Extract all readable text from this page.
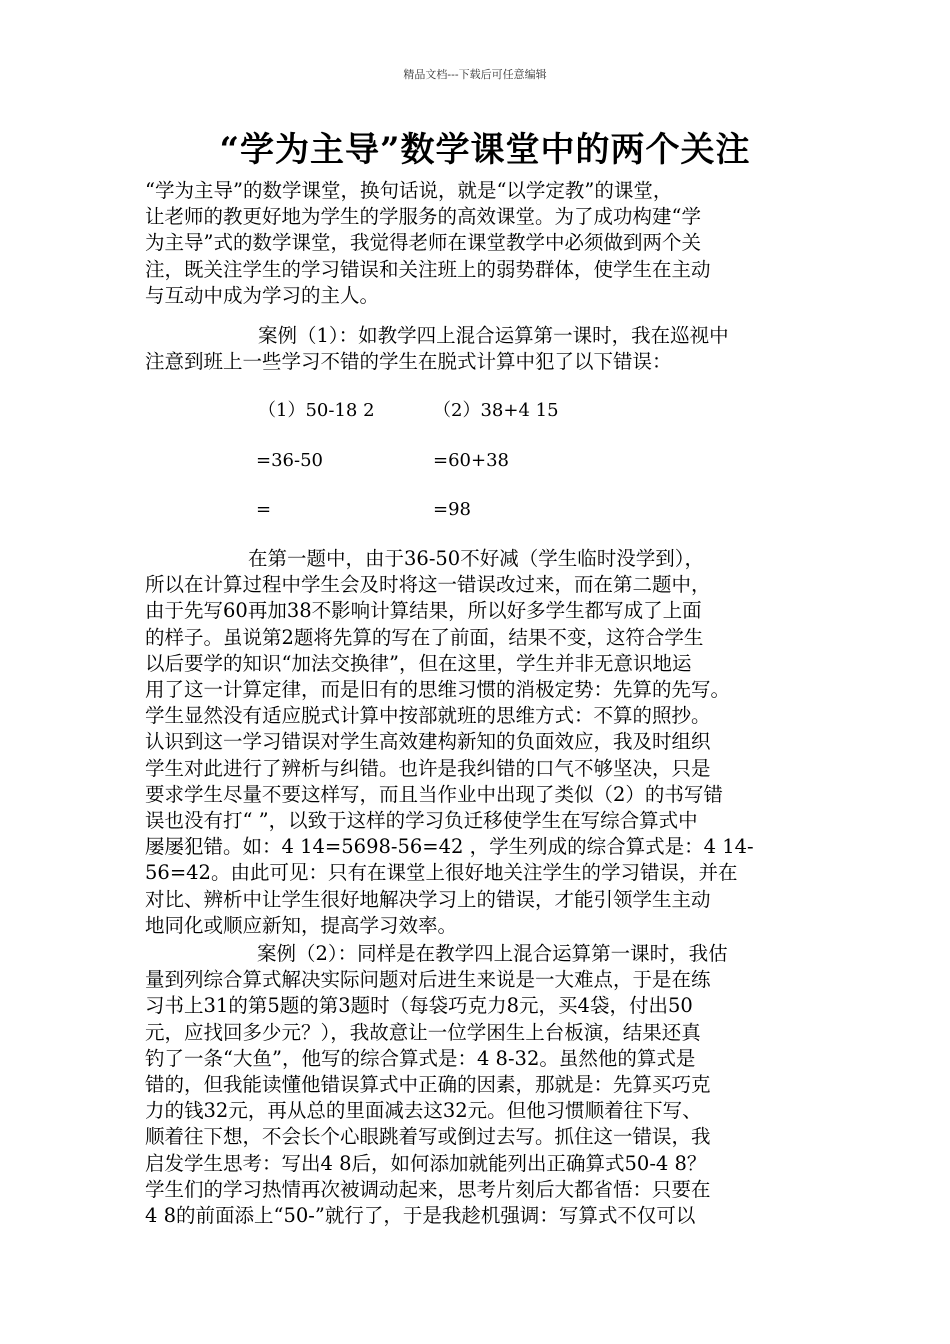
精品文档---下载后可任意编辑
“学为主导”数学课堂中的两个关注
“学为主导”的数学课堂，换句话说，就是“以学定教”的课堂，
让老师的教更好地为学生的学服务的高效课堂。为了成功构建“学
为主导”式的数学课堂，我觉得老师在课堂教学中必须做到两个关
注，既关注学生的学习错误和关注班上的弱势群体，使学生在主动
与互动中成为学习的主人。
案例（1）：如教学四上混合运算第一课时，我在巡视中
注意到班上一些学习不错的学生在脱式计算中犯了以下错误：
（1）50-18 2
=36-50
=
（2）38+4 15
=60+38
=98
在第一题中，由于36-50不好减（学生临时没学到），
所以在计算过程中学生会及时将这一错误改过来，而在第二题中，
由于先写60再加38不影响计算结果，所以好多学生都写成了上面
的样子。虽说第2题将先算的写在了前面，结果不变，这符合学生
以后要学的知识“加法交换律”，但在这里，学生并非无意识地运
用了这一计算定律，而是旧有的思维习惯的消极定势：先算的先写。
学生显然没有适应脱式计算中按部就班的思维方式：不算的照抄。
认识到这一学习错误对学生高效建构新知的负面效应，我及时组织
学生对此进行了辨析与纠错。也许是我纠错的口气不够坚决，只是
要求学生尽量不要这样写，而且当作业中出现了类似（2）的书写错
误也没有打“ ”，以致于这样的学习负迁移使学生在写综合算式中
屡屡犯错。如：4 14=5698-56=42 ，学生列成的综合算式是：4 14-
56=42。由此可见：只有在课堂上很好地关注学生的学习错误，并在
对比、辨析中让学生很好地解决学习上的错误，才能引领学生主动
地同化或顺应新知，提高学习效率。
案例（2）：同样是在教学四上混合运算第一课时，我估
量到列综合算式解决实际问题对后进生来说是一大难点，于是在练
习书上31的第5题的第3题时（每袋巧克力8元，买4袋，付出50
元，应找回多少元？），我故意让一位学困生上台板演，结果还真
钓了一条“大鱼”，他写的综合算式是：4 8-32。虽然他的算式是
错的，但我能读懂他错误算式中正确的因素，那就是：先算买巧克
力的钱32元，再从总的里面减去这32元。但他习惯顺着往下写、
顺着往下想，不会长个心眼跳着写或倒过去写。抓住这一错误，我
启发学生思考：写出4 8后，如何添加就能列出正确算式50-4 8？
学生们的学习热情再次被调动起来，思考片刻后大都省悟：只要在
4 8的前面添上“50-”就行了，于是我趁机强调：写算式不仅可以
